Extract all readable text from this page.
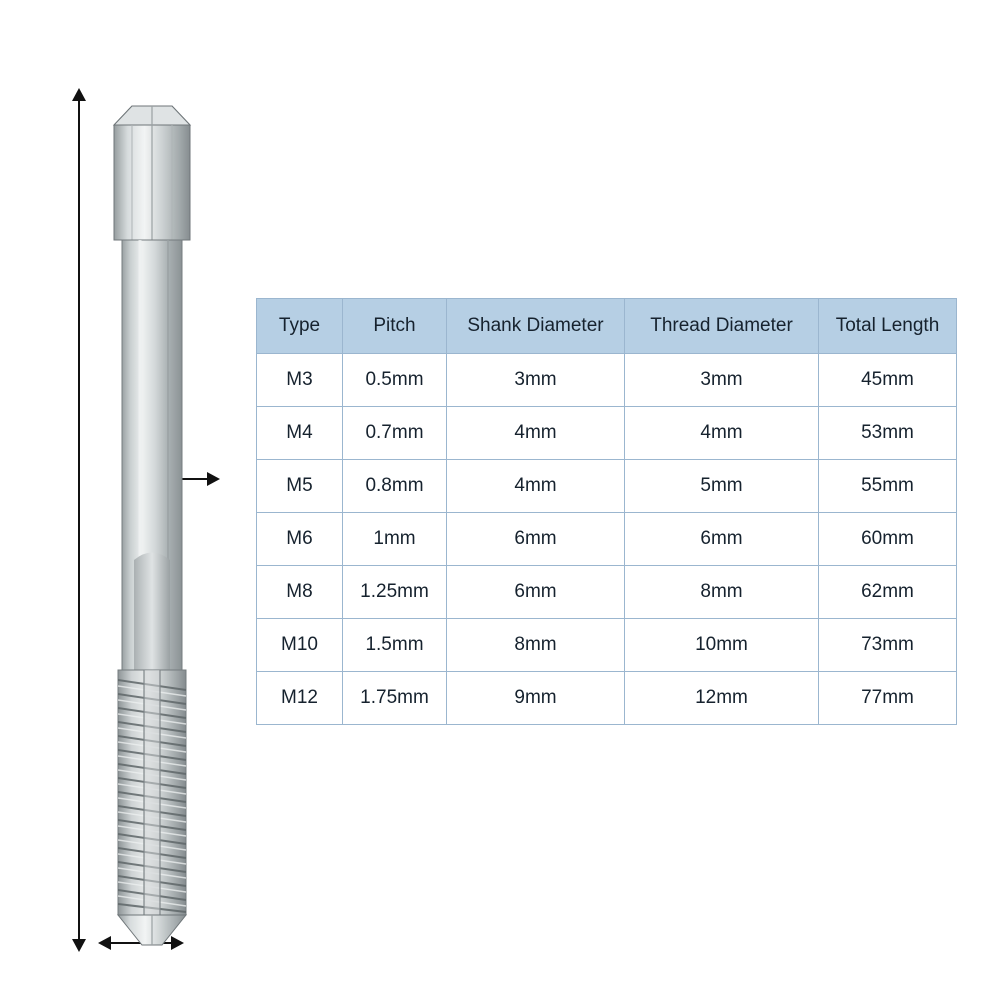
Type	Pitch	Shank Diameter	Thread Diameter	Total Length
M3	0.5mm	3mm	3mm	45mm
M4	0.7mm	4mm	4mm	53mm
M5	0.8mm	4mm	5mm	55mm
M6	1mm	6mm	6mm	60mm
M8	1.25mm	6mm	8mm	62mm
M10	1.5mm	8mm	10mm	73mm
M12	1.75mm	9mm	12mm	77mm
